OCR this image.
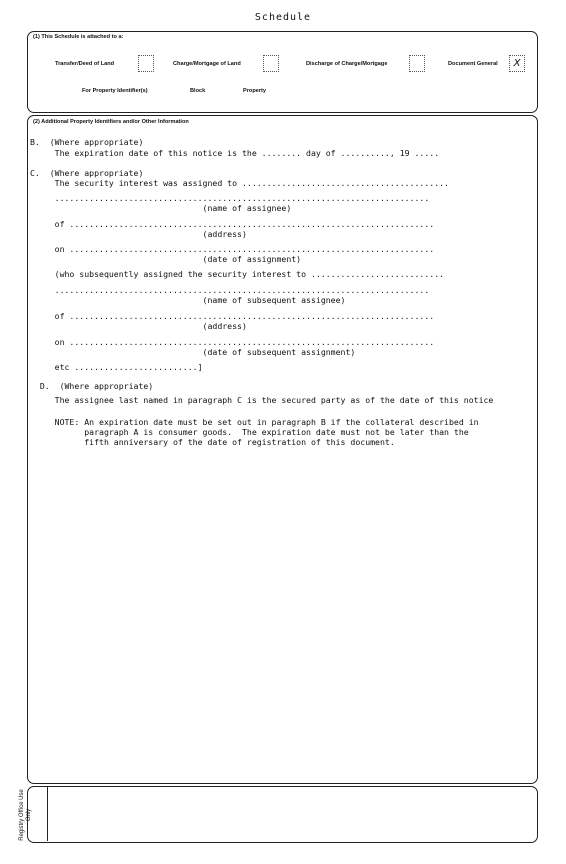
Schedule
(1) This Schedule is attached to a:
Transfer/Deed of Land	Charge/Mortgage of Land	Discharge of Charge/Mortgage	Document General	X
For Property Identifier(s)	Block	Property
(2) Additional Property Identifiers and/or Other Information
B.  (Where appropriate)
The expiration date of this notice is the ........ day of .........., 19 .....
C.  (Where appropriate)
The security interest was assigned to ..........................................
............................................................................
(name of assignee)
of ..........................................................................
(address)
on ..........................................................................
(date of assignment)
(who subsequently assigned the security interest to ...........................
............................................................................
(name of subsequent assignee)
of ..........................................................................
(address)
on ..........................................................................
(date of subsequent assignment)
etc .........................]
D.  (Where appropriate)
The assignee last named in paragraph C is the secured party as of the date of this notice
NOTE: An expiration date must be set out in paragraph B if the collateral described in
paragraph A is consumer goods.  The expiration date must not be later than the
fifth anniversary of the date of registration of this document.
Registry Office Use Only
